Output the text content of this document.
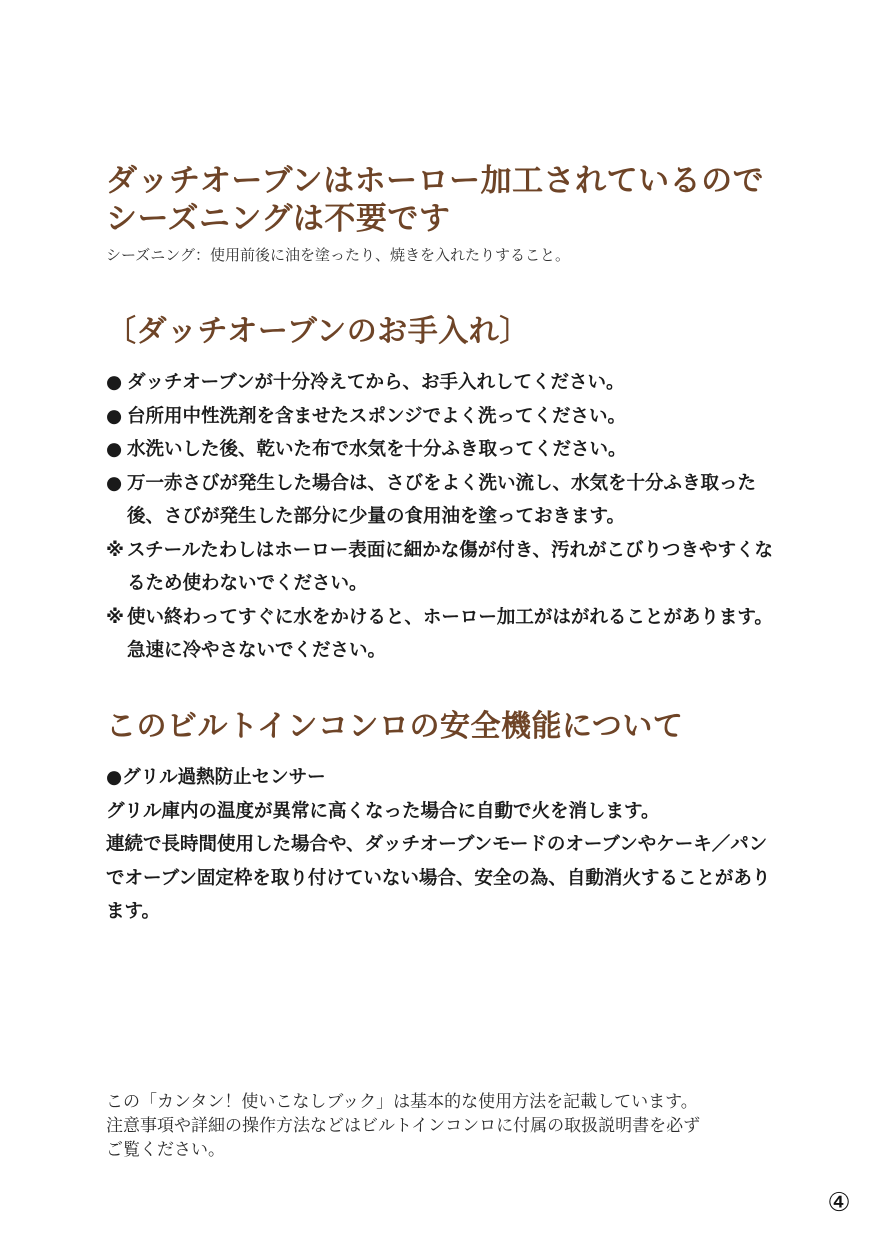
ダッチオーブンはホーロー加工されているので
シーズニングは不要です
シーズニング：使用前後に油を塗ったり、焼きを入れたりすること。
〔ダッチオーブンのお手入れ〕
● ダッチオーブンが十分冷えてから、お手入れしてください。
● 台所用中性洗剤を含ませたスポンジでよく洗ってください。
● 水洗いした後、乾いた布で水気を十分ふき取ってください。
● 万一赤さびが発生した場合は、さびをよく洗い流し、水気を十分ふき取った後、さびが発生した部分に少量の食用油を塗っておきます。
※ スチールたわしはホーロー表面に細かな傷が付き、汚れがこびりつきやすくなるため使わないでください。
※ 使い終わってすぐに水をかけると、ホーロー加工がはがれることがあります。急速に冷やさないでください。
このビルトインコンロの安全機能について

●グリル過熱防止センサー

グリル庫内の温度が異常に高くなった場合に自動で火を消します。

連続で長時間使用した場合や、ダッチオーブンモードのオーブンやケーキ／パンでオーブン固定枠を取り付けていない場合、安全の為、自動消火することがあります。

この「カンタン！使いこなしブック」は基本的な使用方法を記載しています。

注意事項や詳細の操作方法などはビルトインコンロに付属の取扱説明書を必ず

ご覧ください。

④
